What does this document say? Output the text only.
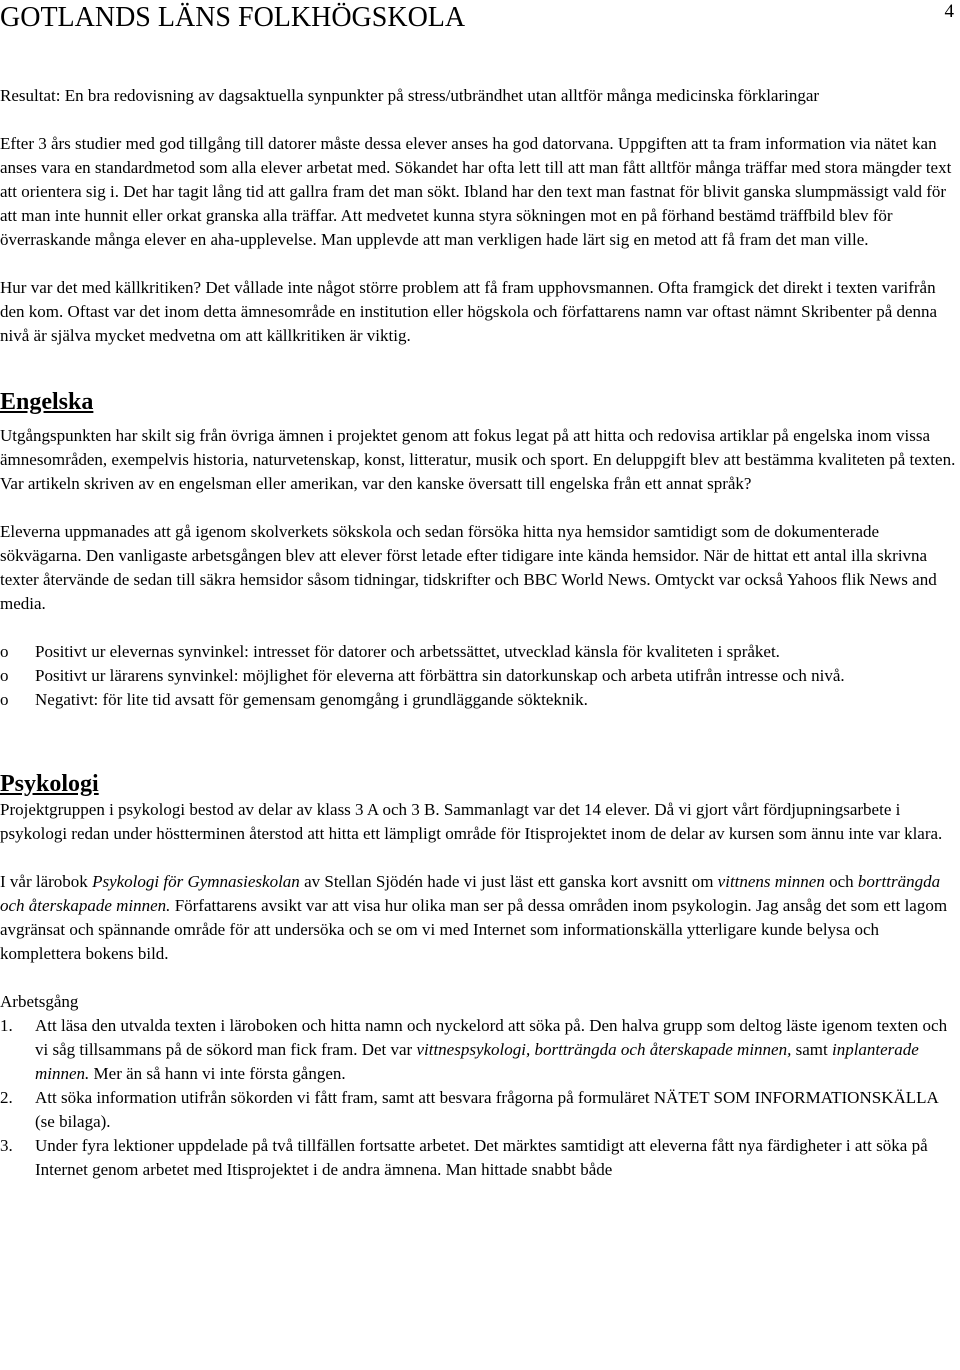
GOTLANDS LÄNS FOLKHÖGSKOLA	4

Resultat: En bra redovisning av dagsaktuella synpunkter på stress/utbrändhet utan alltför många medicinska förklaringar

Efter 3 års studier med god tillgång till datorer måste dessa elever anses ha god datorvana. Uppgiften att ta fram information via nätet kan anses vara en standardmetod som alla elever arbetat med. Sökandet har ofta lett till att man fått alltför många träffar med stora mängder text att orientera sig i. Det har tagit lång tid att gallra fram det man sökt. Ibland har den text man fastnat för blivit ganska slumpmässigt vald för att man inte hunnit eller orkat granska alla träffar. Att medvetet kunna styra sökningen mot en på förhand bestämd träffbild blev för överraskande många elever en aha-upplevelse. Man upplevde att man verkligen hade lärt sig en metod att få fram det man ville.

Hur var det med källkritiken? Det vållade inte något större problem att få fram upphovsmannen. Ofta framgick det direkt i texten varifrån den kom. Oftast var det inom detta ämnesområde en institution eller högskola och författarens namn var oftast nämnt Skribenter på denna nivå är själva mycket medvetna om att källkritiken är viktig.

Engelska

Utgångspunkten har skilt sig från övriga ämnen i projektet genom att fokus legat på att hitta och redovisa artiklar på engelska inom vissa ämnesområden, exempelvis historia, naturvetenskap, konst, litteratur, musik och sport. En deluppgift blev att bestämma kvaliteten på texten. Var artikeln skriven av en engelsman eller amerikan, var den kanske översatt till engelska från ett annat språk?

Eleverna uppmanades att gå igenom skolverkets sökskola och sedan försöka hitta nya hemsidor samtidigt som de dokumenterade sökvägarna. Den vanligaste arbetsgången blev att elever först letade efter tidigare inte kända hemsidor. När de hittat ett antal illa skrivna texter återvände de sedan till säkra hemsidor såsom tidningar, tidskrifter och BBC World News. Omtyckt var också Yahoos flik News and media.

o Positivt ur elevernas synvinkel: intresset för datorer och arbetssättet, utvecklad känsla för kvaliteten i språket.
o Positivt ur lärarens synvinkel: möjlighet för eleverna att förbättra sin datorkunskap och arbeta utifrån intresse och nivå.
o Negativt: för lite tid avsatt för gemensam genomgång i grundläggande sökteknik.
Psykologi

Projektgruppen i psykologi bestod av delar av klass 3 A och 3 B. Sammanlagt var det 14 elever. Då vi gjort vårt fördjupningsarbete i psykologi redan under höstterminen återstod att hitta ett lämpligt område för Itisprojektet inom de delar av kursen som ännu inte var klara.

I vår lärobok Psykologi för Gymnasieskolan av Stellan Sjödén hade vi just läst ett ganska kort avsnitt om vittnens minnen och bortträngda och återskapade minnen. Författarens avsikt var att visa hur olika man ser på dessa områden inom psykologin. Jag ansåg det som ett lagom avgränsat och spännande område för att undersöka och se om vi med Internet som informationskälla ytterligare kunde belysa och komplettera bokens bild.

Arbetsgång

1. Att läsa den utvalda texten i läroboken och hitta namn och nyckelord att söka på. Den halva grupp som deltog läste igenom texten och vi såg tillsammans på de sökord man fick fram. Det var vittnespsykologi, bortträngda och återskapade minnen, samt inplanterade minnen. Mer än så hann vi inte första gången.
2. Att söka information utifrån sökorden vi fått fram, samt att besvara frågorna på formuläret NÄTET SOM INFORMATIONSKÄLLA (se bilaga).
3. Under fyra lektioner uppdelade på två tillfällen fortsatte arbetet. Det märktes samtidigt att eleverna fått nya färdigheter i att söka på Internet genom arbetet med Itisprojektet i de andra ämnena. Man hittade snabbt både
